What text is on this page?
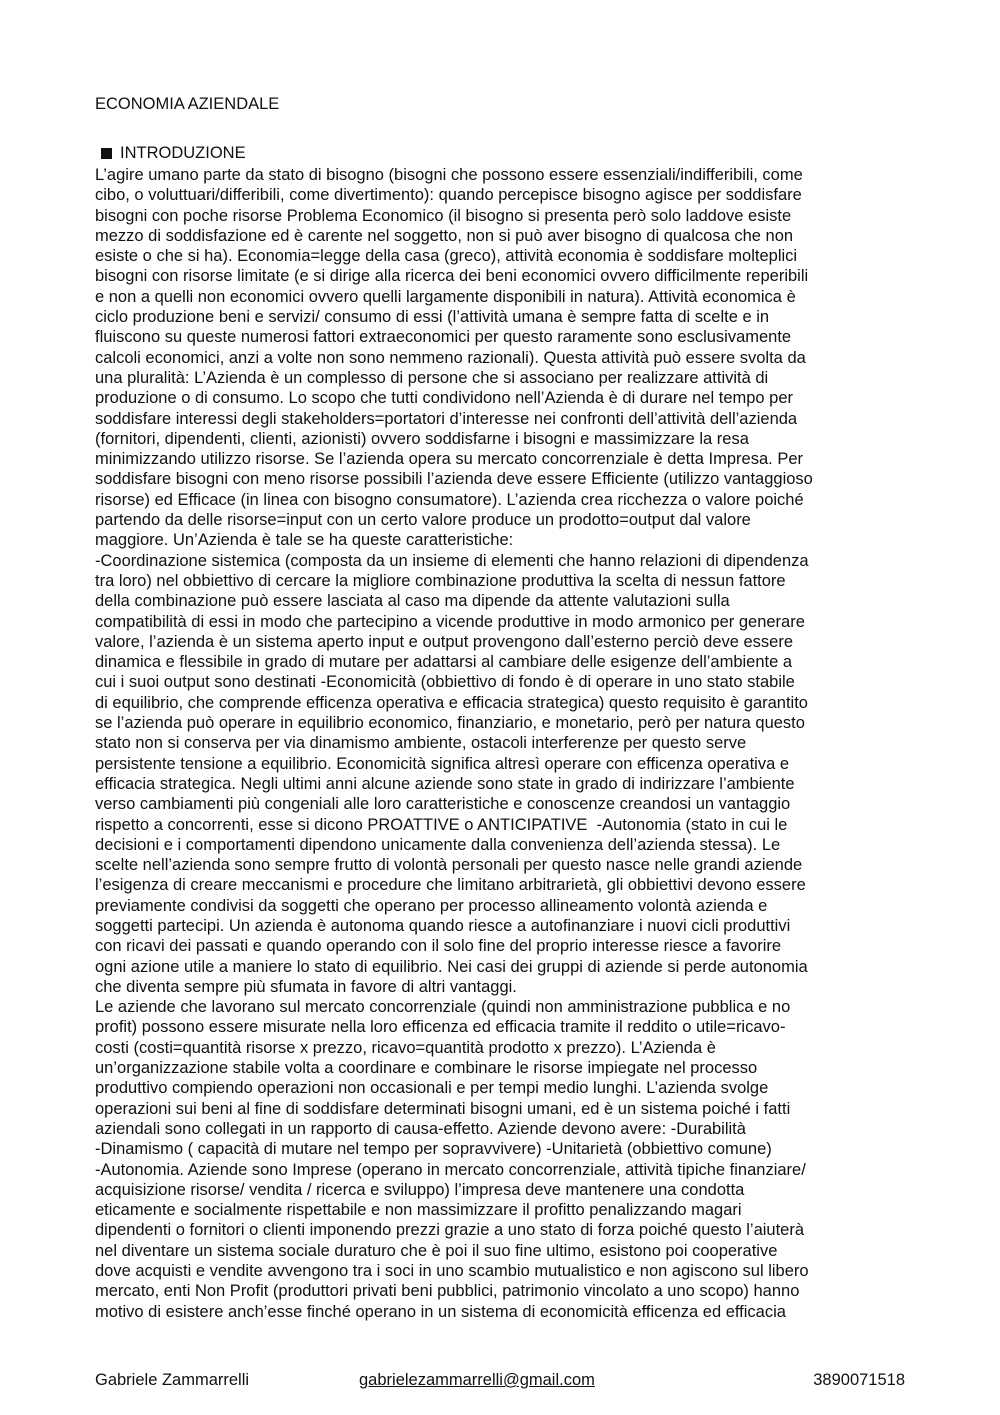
ECONOMIA AZIENDALE
INTRODUZIONE
L’agire umano parte da stato di bisogno (bisogni che possono essere essenziali/indifferibili, come
cibo, o voluttuari/differibili, come divertimento): quando percepisce bisogno agisce per soddisfare
bisogni con poche risorse Problema Economico (il bisogno si presenta però solo laddove esiste
mezzo di soddisfazione ed è carente nel soggetto, non si può aver bisogno di qualcosa che non
esiste o che si ha). Economia=legge della casa (greco), attività economia è soddisfare molteplici
bisogni con risorse limitate (e si dirige alla ricerca dei beni economici ovvero difficilmente reperibili
e non a quelli non economici ovvero quelli largamente disponibili in natura). Attività economica è
ciclo produzione beni e servizi/ consumo di essi (l’attività umana è sempre fatta di scelte e in
fluiscono su queste numerosi fattori extraeconomici per questo raramente sono esclusivamente
calcoli economici, anzi a volte non sono nemmeno razionali). Questa attività può essere svolta da
una pluralità: L’Azienda è un complesso di persone che si associano per realizzare attività di
produzione o di consumo. Lo scopo che tutti condividono nell’Azienda è di durare nel tempo per
soddisfare interessi degli stakeholders=portatori d’interesse nei confronti dell’attività dell’azienda
(fornitori, dipendenti, clienti, azionisti) ovvero soddisfarne i bisogni e massimizzare la resa
minimizzando utilizzo risorse. Se l’azienda opera su mercato concorrenziale è detta Impresa. Per
soddisfare bisogni con meno risorse possibili l’azienda deve essere Efficiente (utilizzo vantaggioso
risorse) ed Efficace (in linea con bisogno consumatore). L’azienda crea ricchezza o valore poiché
partendo da delle risorse=input con un certo valore produce un prodotto=output dal valore
maggiore. Un’Azienda è tale se ha queste caratteristiche:
-Coordinazione sistemica (composta da un insieme di elementi che hanno relazioni di dipendenza
tra loro) nel obbiettivo di cercare la migliore combinazione produttiva la scelta di nessun fattore
della combinazione può essere lasciata al caso ma dipende da attente valutazioni sulla
compatibilità di essi in modo che partecipino a vicende produttive in modo armonico per generare
valore, l’azienda è un sistema aperto input e output provengono dall’esterno perciò deve essere
dinamica e flessibile in grado di mutare per adattarsi al cambiare delle esigenze dell’ambiente a
cui i suoi output sono destinati -Economicità (obbiettivo di fondo è di operare in uno stato stabile
di equilibrio, che comprende efficenza operativa e efficacia strategica) questo requisito è garantito
se l’azienda può operare in equilibrio economico, finanziario, e monetario, però per natura questo
stato non si conserva per via dinamismo ambiente, ostacoli interferenze per questo serve
persistente tensione a equilibrio. Economicità significa altresì operare con efficenza operativa e
efficacia strategica. Negli ultimi anni alcune aziende sono state in grado di indirizzare l’ambiente
verso cambiamenti più congeniali alle loro caratteristiche e conoscenze creandosi un vantaggio
rispetto a concorrenti, esse si dicono PROATTIVE o ANTICIPATIVE  -Autonomia (stato in cui le
decisioni e i comportamenti dipendono unicamente dalla convenienza dell’azienda stessa). Le
scelte nell’azienda sono sempre frutto di volontà personali per questo nasce nelle grandi aziende
l’esigenza di creare meccanismi e procedure che limitano arbitrarietà, gli obbiettivi devono essere
previamente condivisi da soggetti che operano per processo allineamento volontà azienda e
soggetti partecipi. Un azienda è autonoma quando riesce a autofinanziare i nuovi cicli produttivi
con ricavi dei passati e quando operando con il solo fine del proprio interesse riesce a favorire
ogni azione utile a maniere lo stato di equilibrio. Nei casi dei gruppi di aziende si perde autonomia
che diventa sempre più sfumata in favore di altri vantaggi.
Le aziende che lavorano sul mercato concorrenziale (quindi non amministrazione pubblica e no
profit) possono essere misurate nella loro efficenza ed efficacia tramite il reddito o utile=ricavo-
costi (costi=quantità risorse x prezzo, ricavo=quantità prodotto x prezzo). L’Azienda è
un’organizzazione stabile volta a coordinare e combinare le risorse impiegate nel processo
produttivo compiendo operazioni non occasionali e per tempi medio lunghi. L’azienda svolge
operazioni sui beni al fine di soddisfare determinati bisogni umani, ed è un sistema poiché i fatti
aziendali sono collegati in un rapporto di causa-effetto. Aziende devono avere: -Durabilità
-Dinamismo ( capacità di mutare nel tempo per sopravvivere) -Unitarietà (obbiettivo comune)
-Autonomia. Aziende sono Imprese (operano in mercato concorrenziale, attività tipiche finanziare/
acquisizione risorse/ vendita / ricerca e sviluppo) l’impresa deve mantenere una condotta
eticamente e socialmente rispettabile e non massimizzare il profitto penalizzando magari
dipendenti o fornitori o clienti imponendo prezzi grazie a uno stato di forza poiché questo l’aiuterà
nel diventare un sistema sociale duraturo che è poi il suo fine ultimo, esistono poi cooperative
dove acquisti e vendite avvengono tra i soci in uno scambio mutualistico e non agiscono sul libero
mercato, enti Non Profit (produttori privati beni pubblici, patrimonio vincolato a uno scopo) hanno
motivo di esistere anch’esse finché operano in un sistema di economicità efficenza ed efficacia
Gabriele Zammarrelli	gabrielezammarrelli@gmail.com	3890071518
